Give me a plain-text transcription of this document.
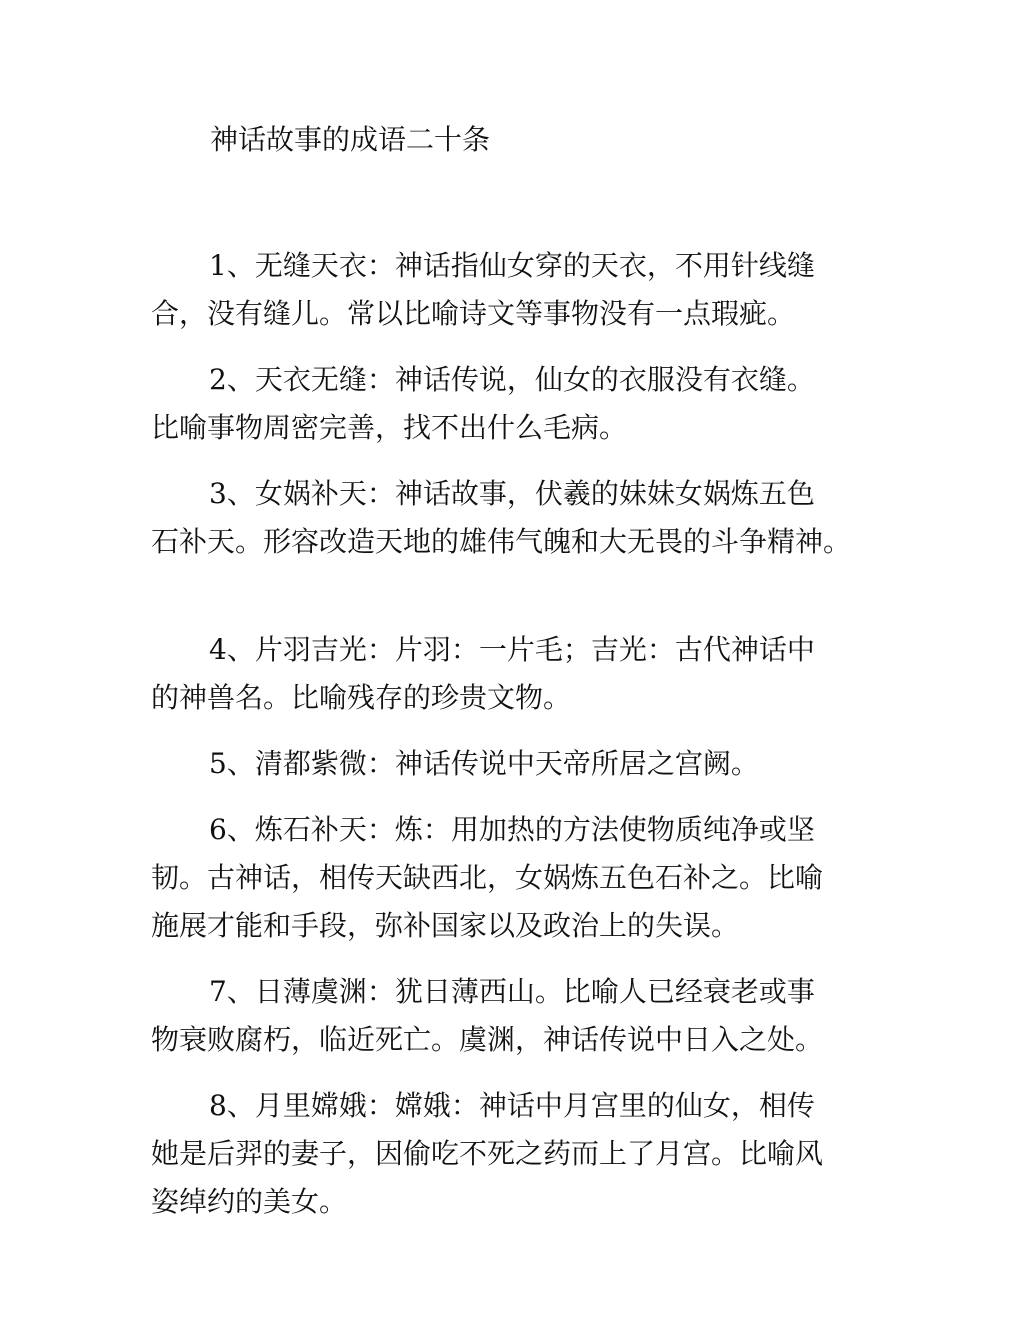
神话故事的成语二十条

1、无缝天衣：神话指仙女穿的天衣，不用针线缝
合，没有缝儿。常以比喻诗文等事物没有一点瑕疵。

2、天衣无缝：神话传说，仙女的衣服没有衣缝。
比喻事物周密完善，找不出什么毛病。

3、女娲补天：神话故事，伏羲的妹妹女娲炼五色
石补天。形容改造天地的雄伟气魄和大无畏的斗争精神。

4、片羽吉光：片羽：一片毛；吉光：古代神话中
的神兽名。比喻残存的珍贵文物。

5、清都紫微：神话传说中天帝所居之宫阙。

6、炼石补天：炼：用加热的方法使物质纯净或坚
韧。古神话，相传天缺西北，女娲炼五色石补之。比喻
施展才能和手段，弥补国家以及政治上的失误。

7、日薄虞渊：犹日薄西山。比喻人已经衰老或事
物衰败腐朽，临近死亡。虞渊，神话传说中日入之处。

8、月里嫦娥：嫦娥：神话中月宫里的仙女，相传
她是后羿的妻子，因偷吃不死之药而上了月宫。比喻风
姿绰约的美女。
